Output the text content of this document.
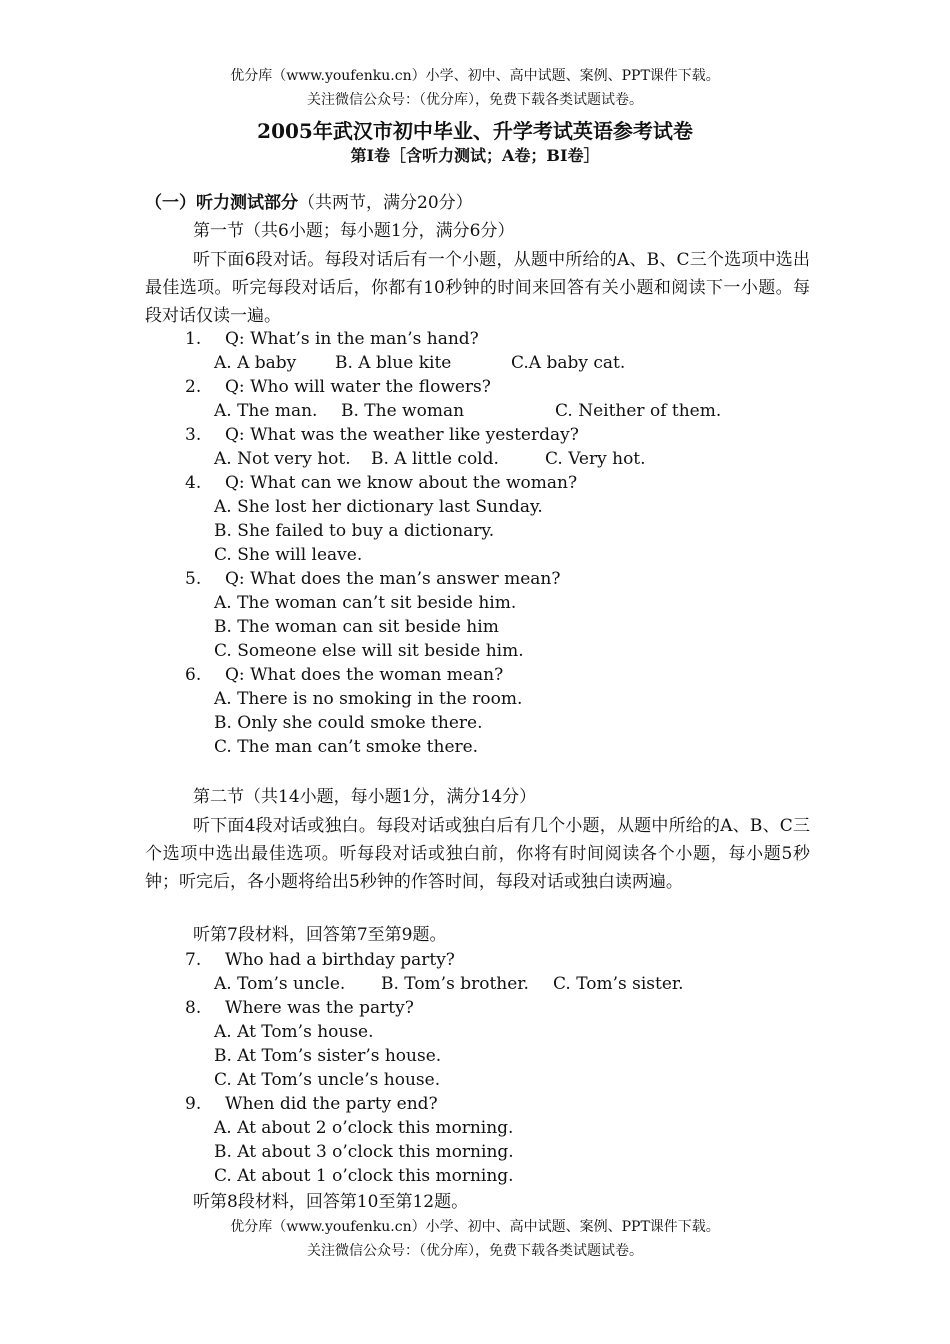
优分库（www.youfenku.cn）小学、初中、高中试题、案例、PPT课件下载。
关注微信公众号：（优分库），免费下载各类试题试卷。
2005年武汉市初中毕业、升学考试英语参考试卷
第Ⅰ卷［含听力测试；A卷；BⅠ卷］
（一）听力测试部分（共两节，满分20分）
第一节（共6小题；每小题1分，满分6分）
听下面6段对话。每段对话后有一个小题，从题中所给的A、B、C三个选项中选出最佳选项。听完每段对话后，你都有10秒钟的时间来回答有关小题和阅读下一小题。每段对话仅读一遍。
1. Q: What’s in the man’s hand?
A. A baby B. A blue kite	C.A baby cat.
2. Q: Who will water the flowers?
A. The man. B. The woman	C. Neither of them.
3. Q: What was the weather like yesterday?
A. Not very hot. B. A little cold.	C. Very hot.
4. Q: What can we know about the woman?
A. She lost her dictionary last Sunday.
B. She failed to buy a dictionary.
C. She will leave.
5. Q: What does the man’s answer mean?
A. The woman can’t sit beside him.
B. The woman can sit beside him
C. Someone else will sit beside him.
6. Q: What does the woman mean?
A. There is no smoking in the room.
B. Only she could smoke there.
C. The man can’t smoke there.
第二节（共14小题，每小题1分，满分14分）
听下面4段对话或独白。每段对话或独白后有几个小题，从题中所给的A、B、C三个选项中选出最佳选项。听每段对话或独白前，你将有时间阅读各个小题，每小题5秒钟；听完后，各小题将给出5秒钟的作答时间，每段对话或独白读两遍。
听第7段材料，回答第7至第9题。
7. Who had a birthday party?
A. Tom’s uncle. B. Tom’s brother. C. Tom’s sister.
8. Where was the party?
A. At Tom’s house.
B. At Tom’s sister’s house.
C. At Tom’s uncle’s house.
9. When did the party end?
A. At about 2 o’clock this morning.
B. At about 3 o’clock this morning.
C. At about 1 o’clock this morning.
听第8段材料，回答第10至第12题。
优分库（www.youfenku.cn）小学、初中、高中试题、案例、PPT课件下载。
关注微信公众号：（优分库），免费下载各类试题试卷。
